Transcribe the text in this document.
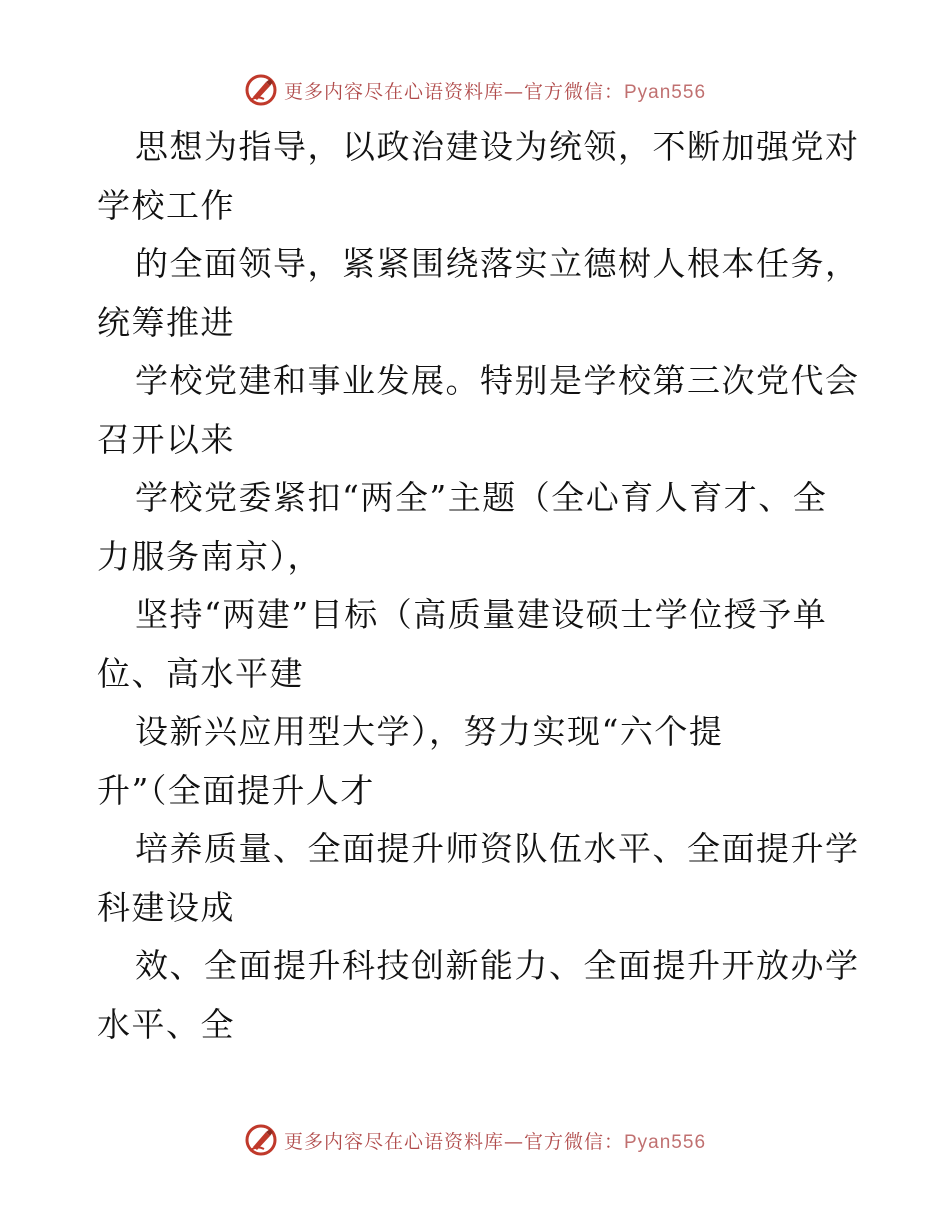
更多内容尽在心语资料库—官方微信：Pyan556
思想为指导，以政治建设为统领，不断加强党对
学校工作
的全面领导，紧紧围绕落实立德树人根本任务，
统筹推进
学校党建和事业发展。特别是学校第三次党代会
召开以来
学校党委紧扣“两全”主题（全心育人育才、全
力服务南京），
坚持“两建”目标（高质量建设硕士学位授予单
位、高水平建
设新兴应用型大学），努力实现“六个提
升”（全面提升人才
培养质量、全面提升师资队伍水平、全面提升学
科建设成
效、全面提升科技创新能力、全面提升开放办学
水平、全
更多内容尽在心语资料库—官方微信：Pyan556
